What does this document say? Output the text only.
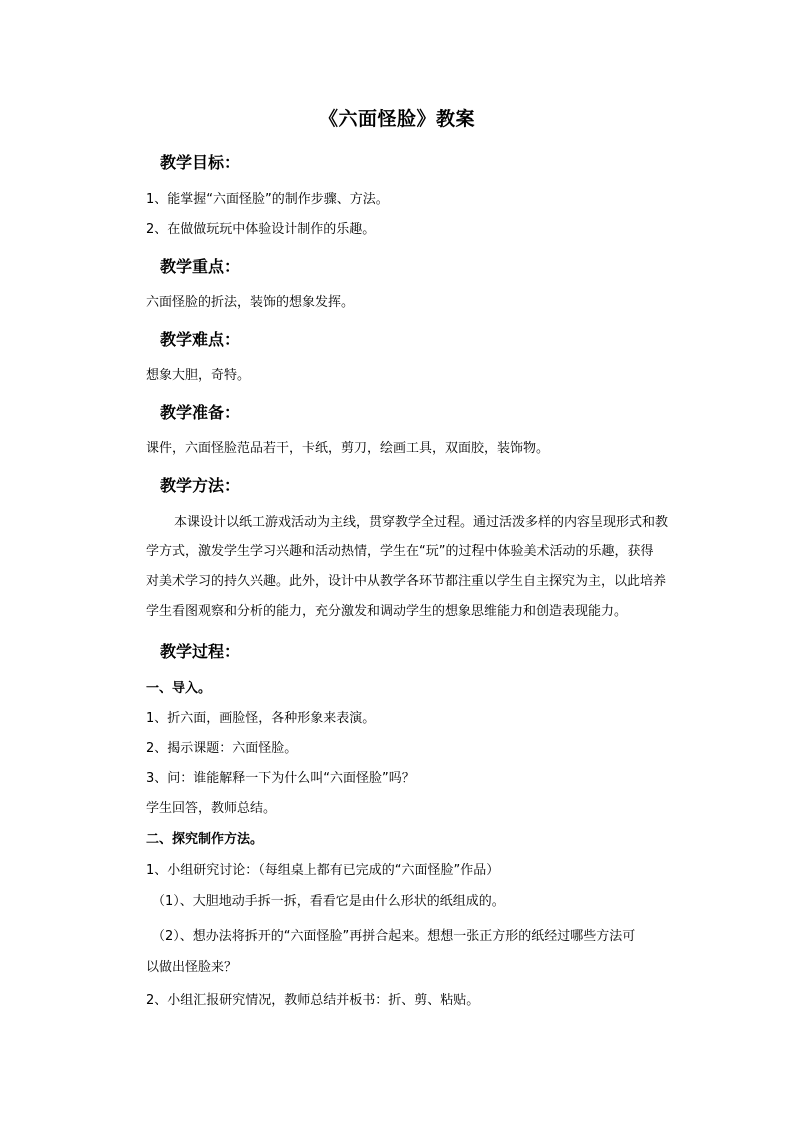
《六面怪脸》教案
教学目标：
1、能掌握“六面怪脸”的制作步骤、方法。
2、在做做玩玩中体验设计制作的乐趣。
教学重点：
六面怪脸的折法，装饰的想象发挥。
教学难点：
想象大胆，奇特。
教学准备：
课件，六面怪脸范品若干，卡纸，剪刀，绘画工具，双面胶，装饰物。
教学方法：
本课设计以纸工游戏活动为主线，贯穿教学全过程。通过活泼多样的内容呈现形式和教
学方式，激发学生学习兴趣和活动热情，学生在“玩”的过程中体验美术活动的乐趣，获得
对美术学习的持久兴趣。此外，设计中从教学各环节都注重以学生自主探究为主，以此培养
学生看图观察和分析的能力，充分激发和调动学生的想象思维能力和创造表现能力。
教学过程：
一、导入。
1、折六面，画脸怪，各种形象来表演。
2、揭示课题：六面怪脸。
3、问：谁能解释一下为什么叫“六面怪脸”吗？
学生回答，教师总结。
二、探究制作方法。
1、小组研究讨论：（每组桌上都有已完成的“六面怪脸”作品）
（1）、大胆地动手拆一拆，看看它是由什么形状的纸组成的。
（2）、想办法将拆开的“六面怪脸”再拼合起来。想想一张正方形的纸经过哪些方法可
以做出怪脸来？
2、小组汇报研究情况，教师总结并板书：折、剪、粘贴。
